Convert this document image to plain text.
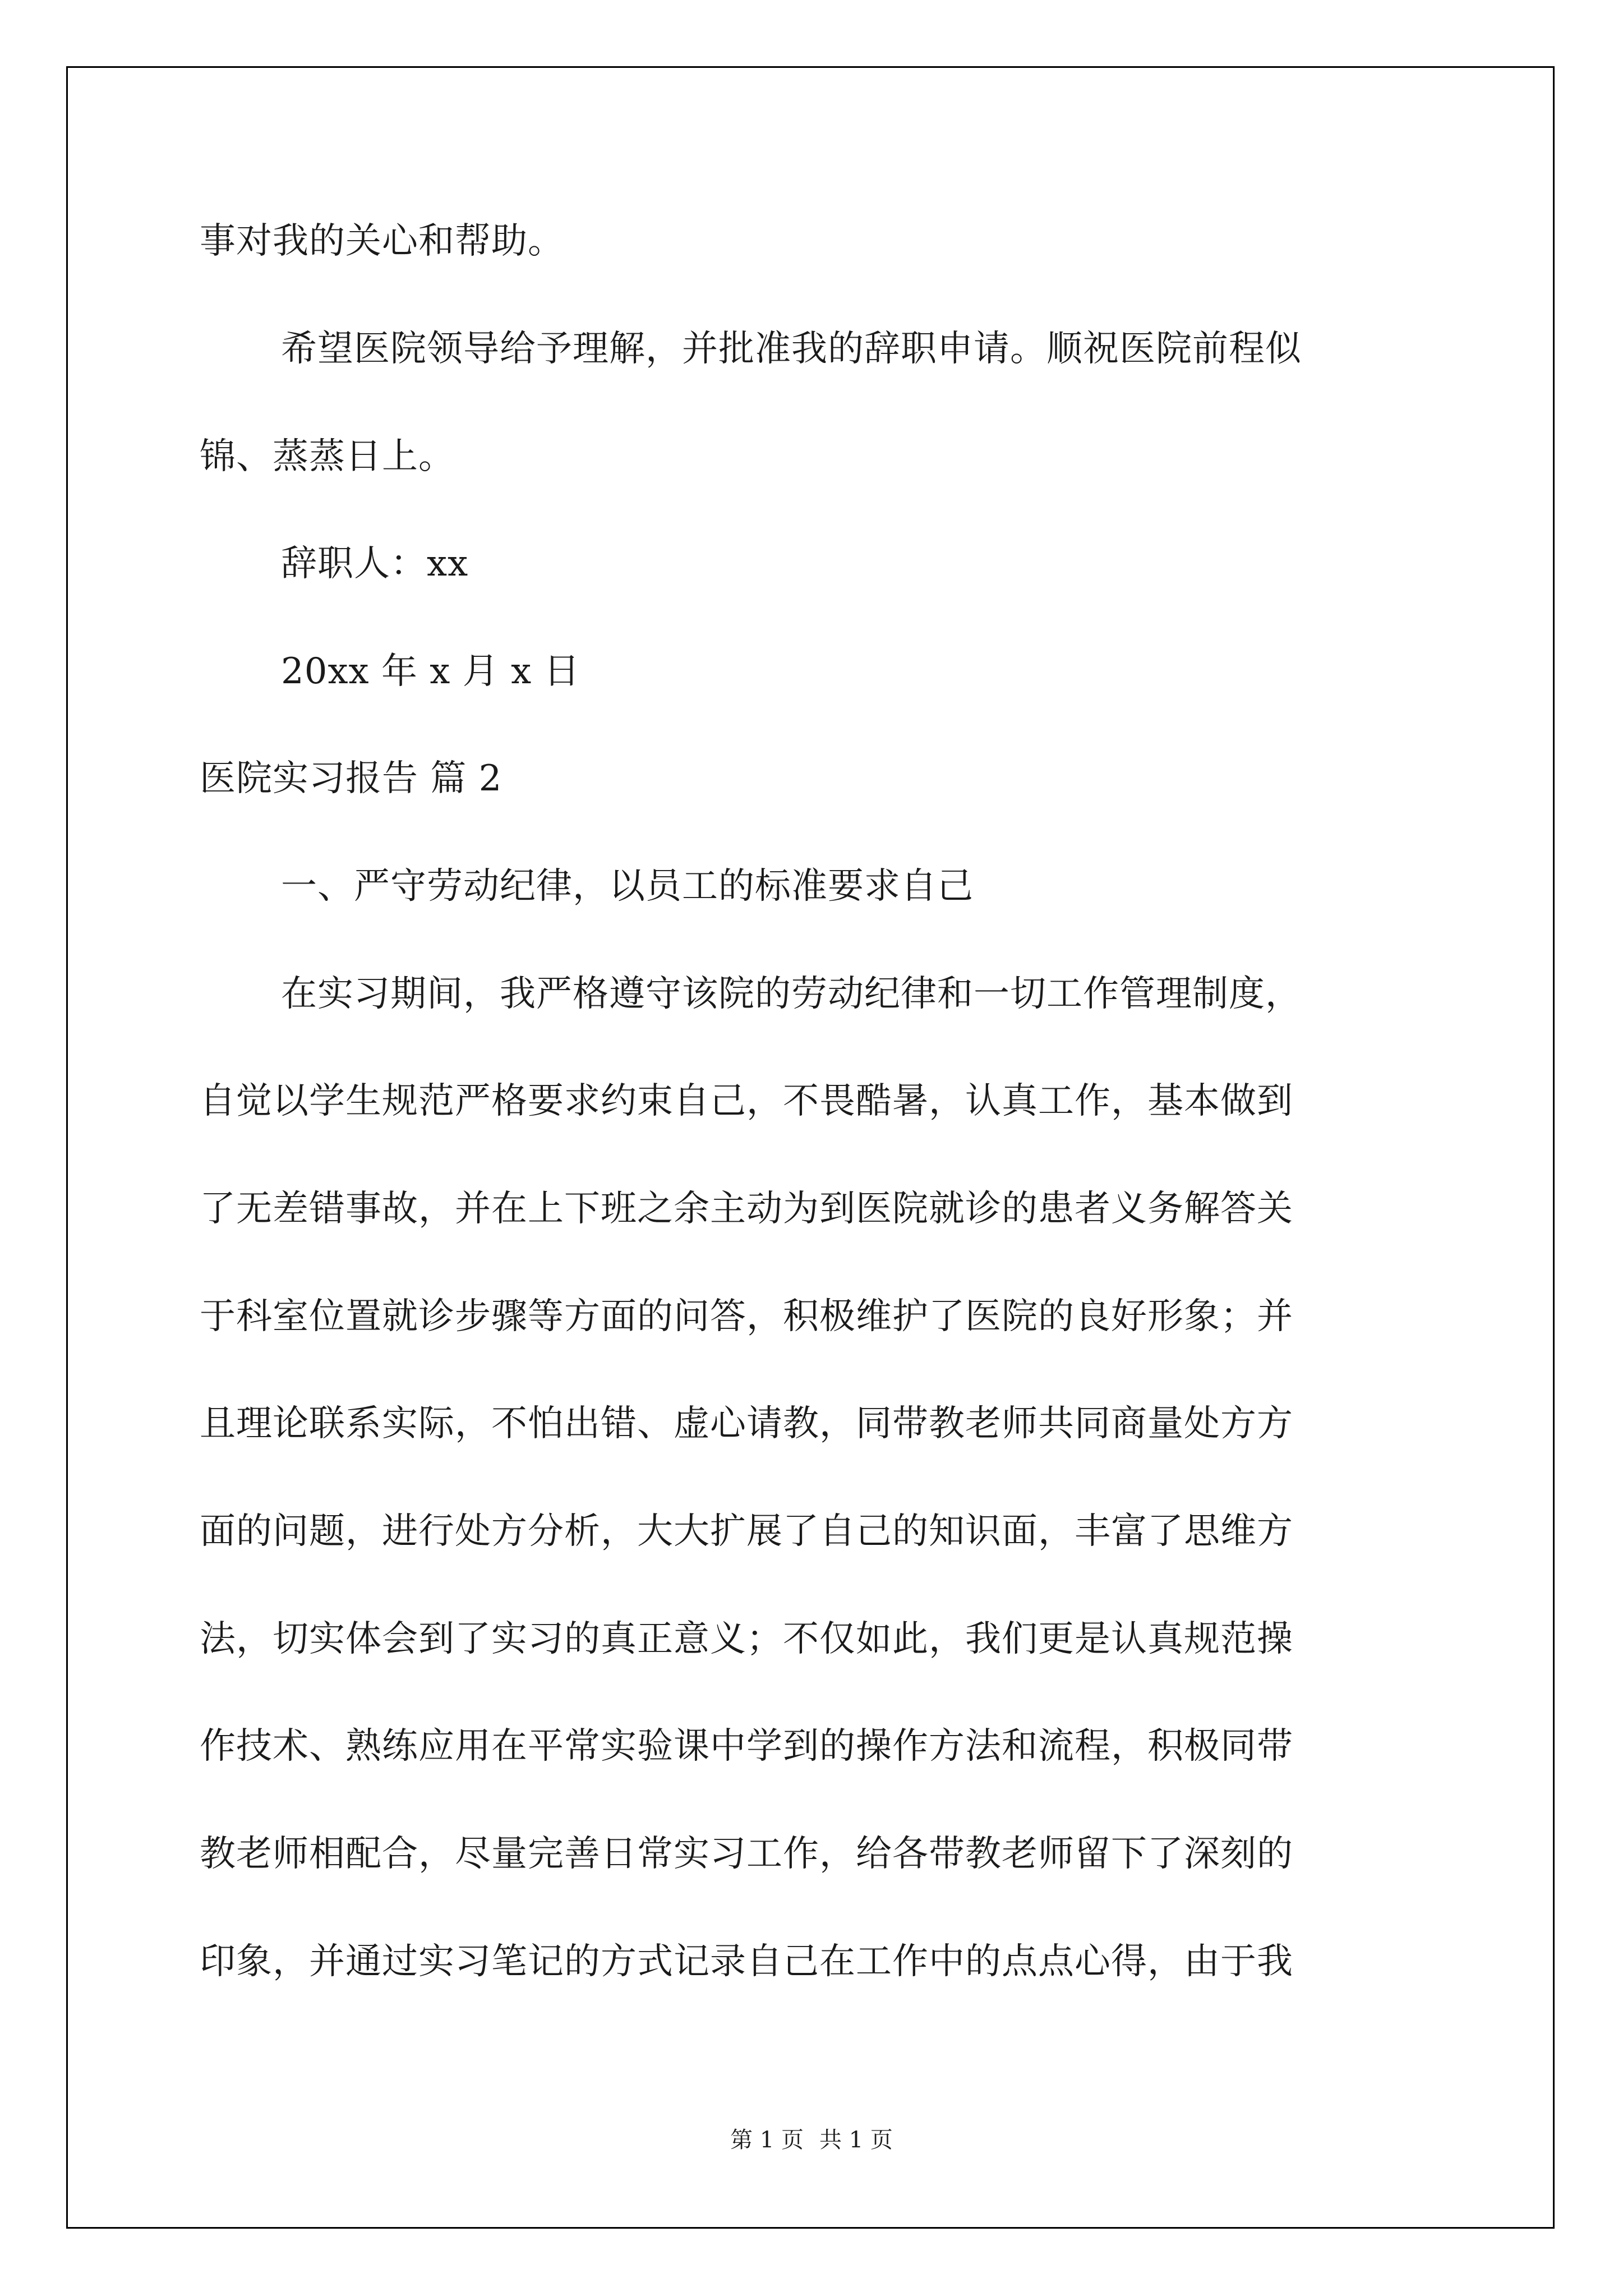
事对我的关心和帮助。
希望医院领导给予理解，并批准我的辞职申请。顺祝医院前程似
锦、蒸蒸日上。
辞职人：xx
20xx 年 x 月 x 日
医院实习报告 篇 2
一、严守劳动纪律，以员工的标准要求自己
在实习期间，我严格遵守该院的劳动纪律和一切工作管理制度，
自觉以学生规范严格要求约束自己，不畏酷暑，认真工作，基本做到
了无差错事故，并在上下班之余主动为到医院就诊的患者义务解答关
于科室位置就诊步骤等方面的问答，积极维护了医院的良好形象；并
且理论联系实际，不怕出错、虚心请教，同带教老师共同商量处方方
面的问题，进行处方分析，大大扩展了自己的知识面，丰富了思维方
法，切实体会到了实习的真正意义；不仅如此，我们更是认真规范操
作技术、熟练应用在平常实验课中学到的操作方法和流程，积极同带
教老师相配合，尽量完善日常实习工作，给各带教老师留下了深刻的
印象，并通过实习笔记的方式记录自己在工作中的点点心得，由于我
第 1 页 共 1 页
